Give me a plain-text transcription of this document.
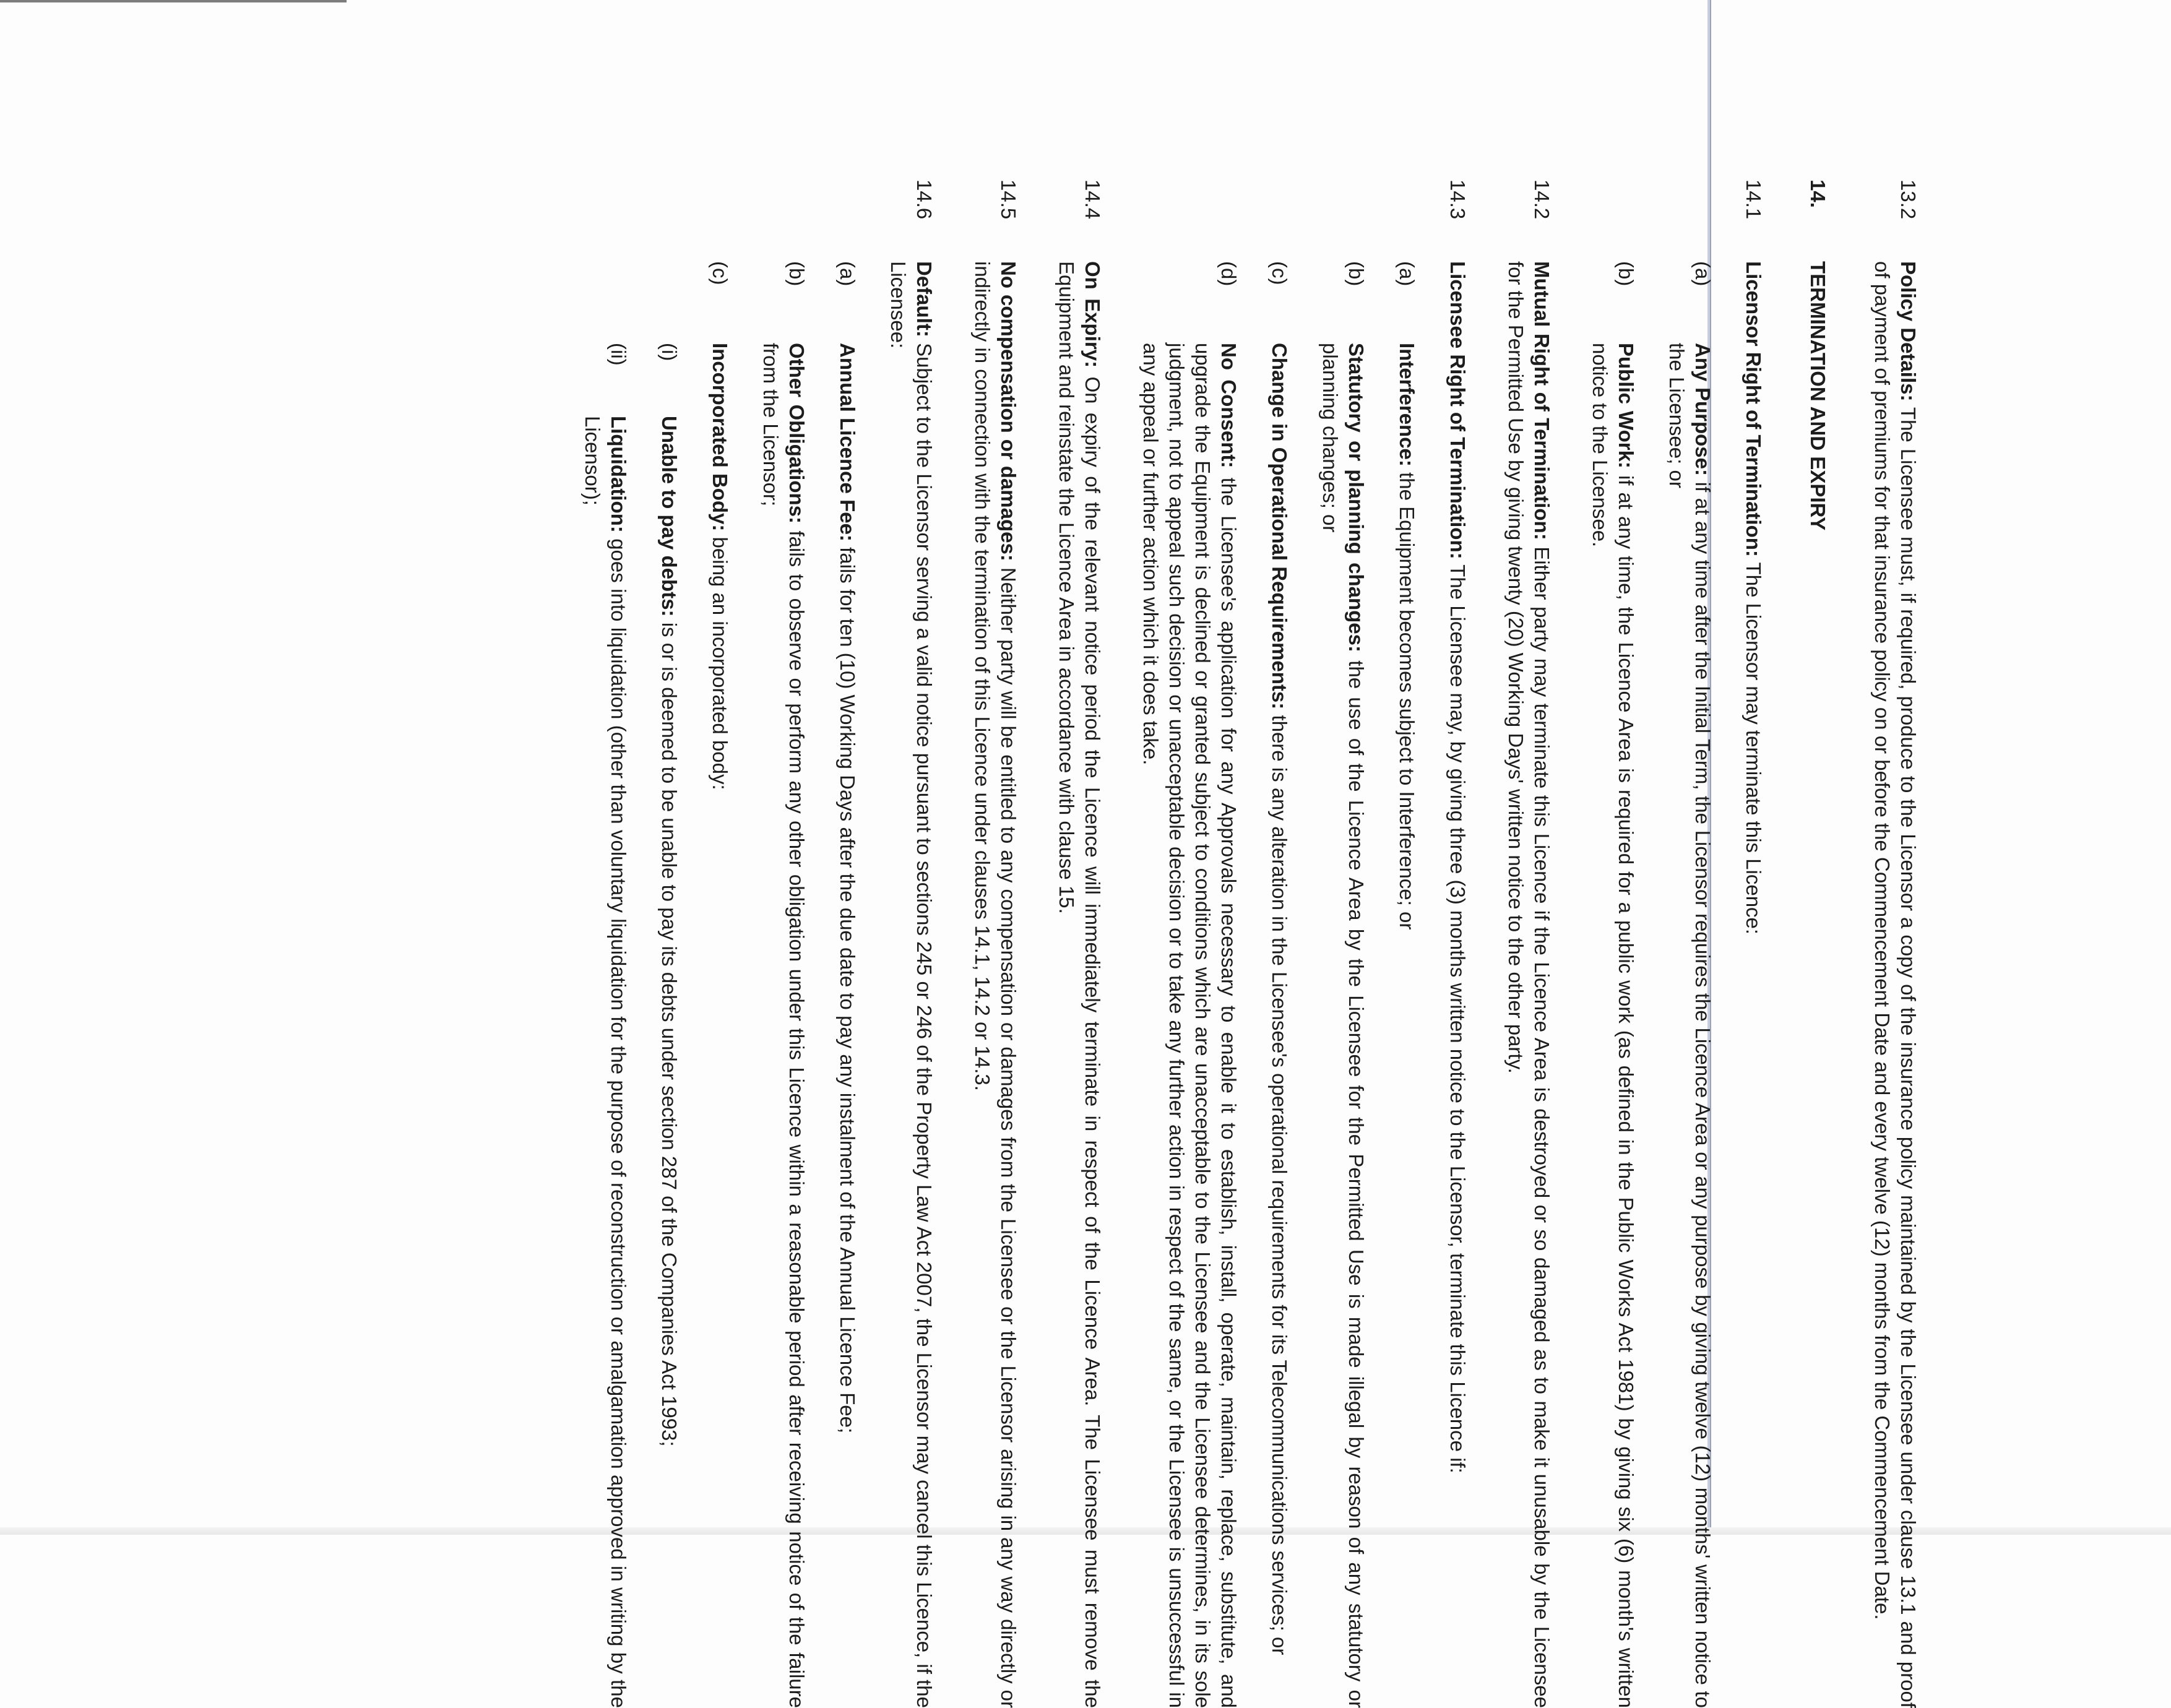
13.2
Policy Details: The Licensee must, if required, produce to the Licensor a copy of the insurance policy maintained by the Licensee under clause 13.1 and proof of payment of premiums for that insurance policy on or before the Commencement Date and every twelve (12) months from the Commencement Date.
14.
TERMINATION AND EXPIRY
14.1
Licensor Right of Termination: The Licensor may terminate this Licence:
(a)
Any Purpose: if at any time after the Initial Term, the Licensor requires the Licence Area or any purpose by giving twelve (12) months' written notice to the Licensee; or
(b)
Public Work: if at any time, the Licence Area is required for a public work (as defined in the Public Works Act 1981) by giving six (6) month's written notice to the Licensee.
14.2
Mutual Right of Termination: Either party may terminate this Licence if the Licence Area is destroyed or so damaged as to make it unusable by the Licensee for the Permitted Use by giving twenty (20) Working Days' written notice to the other party.
14.3
Licensee Right of Termination: The Licensee may, by giving three (3) months written notice to the Licensor, terminate this Licence if:
(a)
Interference: the Equipment becomes subject to Interference; or
(b)
Statutory or planning changes: the use of the Licence Area by the Licensee for the Permitted Use is made illegal by reason of any statutory or planning changes; or
(c)
Change in Operational Requirements: there is any alteration in the Licensee's operational requirements for its Telecommunications services; or
(d)
No Consent: the Licensee's application for any Approvals necessary to enable it to establish, install, operate, maintain, replace, substitute, and upgrade the Equipment is declined or granted subject to conditions which are unacceptable to the Licensee and the Licensee determines, in its sole judgment, not to appeal such decision or unacceptable decision or to take any further action in respect of the same, or the Licensee is unsuccessful in any appeal or further action which it does take.
14.4
On Expiry: On expiry of the relevant notice period the Licence will immediately terminate in respect of the Licence Area. The Licensee must remove the Equipment and reinstate the Licence Area in accordance with clause 15.
14.5
No compensation or damages: Neither party will be entitled to any compensation or damages from the Licensee or the Licensor arising in any way directly or indirectly in connection with the termination of this Licence under clauses 14.1, 14.2 or 14.3.
14.6
Default: Subject to the Licensor serving a valid notice pursuant to sections 245 or 246 of the Property Law Act 2007, the Licensor may cancel this Licence, if the Licensee:
(a)
Annual Licence Fee: fails for ten (10) Working Days after the due date to pay any instalment of the Annual Licence Fee;
(b)
Other Obligations: fails to observe or perform any other obligation under this Licence within a reasonable period after receiving notice of the failure from the Licensor;
(c)
Incorporated Body: being an incorporated body:
(i)
Unable to pay debts: is or is deemed to be unable to pay its debts under section 287 of the Companies Act 1993;
(ii)
Liquidation: goes into liquidation (other than voluntary liquidation for the purpose of reconstruction or amalgamation approved in writing by the Licensor);
